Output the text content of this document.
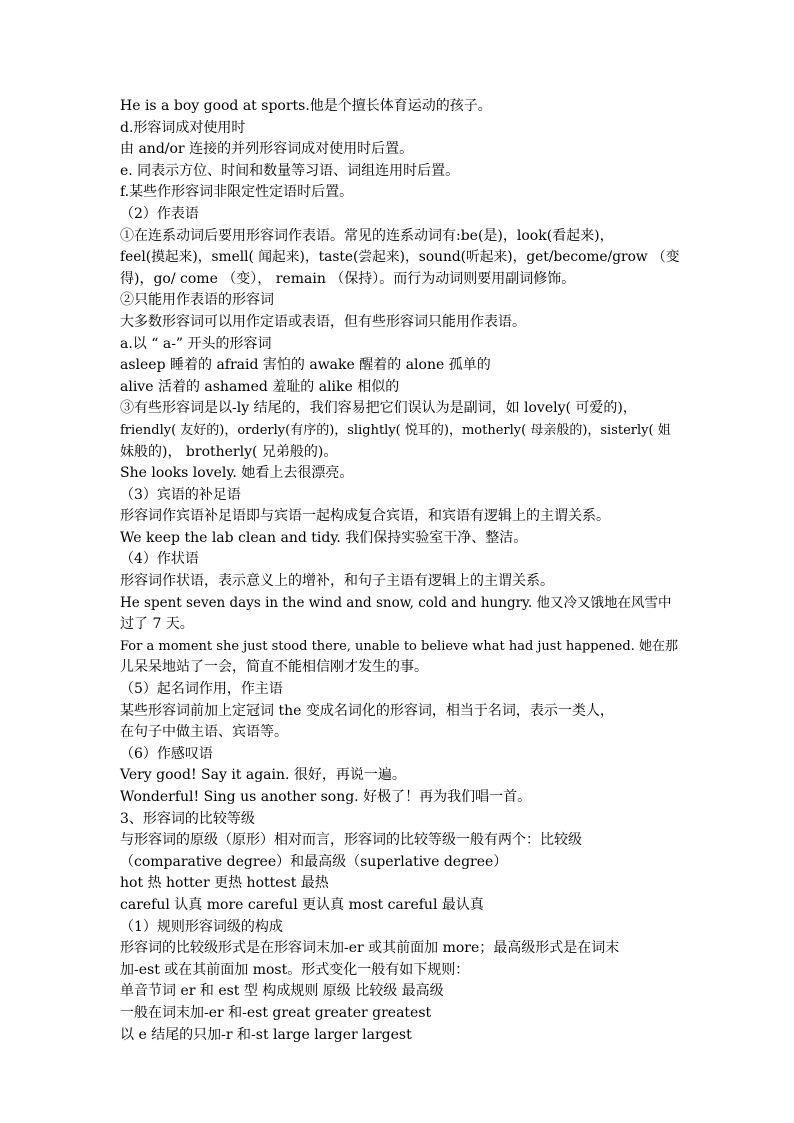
He is a boy good at sports.他是个擅长体育运动的孩子。

d.形容词成对使用时

由 and/or 连接的并列形容词成对使用时后置。

e. 同表示方位、时间和数量等习语、词组连用时后置。

f.某些作形容词非限定性定语时后置。

（2）作表语

①在连系动词后要用形容词作表语。常见的连系动词有:be(是)，look(看起来)，

feel(摸起来)，smell( 闻起来)，taste(尝起来)，sound(听起来)，get/become/grow （变

得)，go/ come （变）， remain （保持）。而行为动词则要用副词修饰。

②只能用作表语的形容词

大多数形容词可以用作定语或表语，但有些形容词只能用作表语。

a.以 “ a-” 开头的形容词

asleep 睡着的 afraid 害怕的 awake 醒着的 alone 孤单的

alive 活着的 ashamed 羞耻的 alike 相似的

③有些形容词是以-ly 结尾的，我们容易把它们误认为是副词，如 lovely( 可爱的)，

friendly( 友好的)，orderly(有序的)，slightly( 悦耳的)，motherly( 母亲般的)，sisterly( 姐

妹般的)， brotherly( 兄弟般的)。

She looks lovely. 她看上去很漂亮。

（3）宾语的补足语

形容词作宾语补足语即与宾语一起构成复合宾语，和宾语有逻辑上的主谓关系。

We keep the lab clean and tidy. 我们保持实验室干净、整洁。

（4）作状语

形容词作状语，表示意义上的增补，和句子主语有逻辑上的主谓关系。

He spent seven days in the wind and snow, cold and hungry. 他又冷又饿地在风雪中

过了 7 天。

For a moment she just stood there, unable to believe what had just happened. 她在那

儿呆呆地站了一会，简直不能相信刚才发生的事。

（5）起名词作用，作主语

某些形容词前加上定冠词 the 变成名词化的形容词，相当于名词，表示一类人，

在句子中做主语、宾语等。

（6）作感叹语

Very good! Say it again. 很好，再说一遍。

Wonderful! Sing us another song. 好极了！再为我们唱一首。

3、形容词的比较等级

与形容词的原级（原形）相对而言，形容词的比较等级一般有两个：比较级

（comparative degree）和最高级（superlative degree）

hot 热 hotter 更热 hottest 最热

careful 认真 more careful 更认真 most careful 最认真

（1）规则形容词级的构成

形容词的比较级形式是在形容词末加-er 或其前面加 more；最高级形式是在词末

加-est 或在其前面加 most。形式变化一般有如下规则：

单音节词 er 和 est 型 构成规则 原级 比较级 最高级

一般在词末加-er 和-est great greater greatest

以 e 结尾的只加-r 和-st large larger largest
